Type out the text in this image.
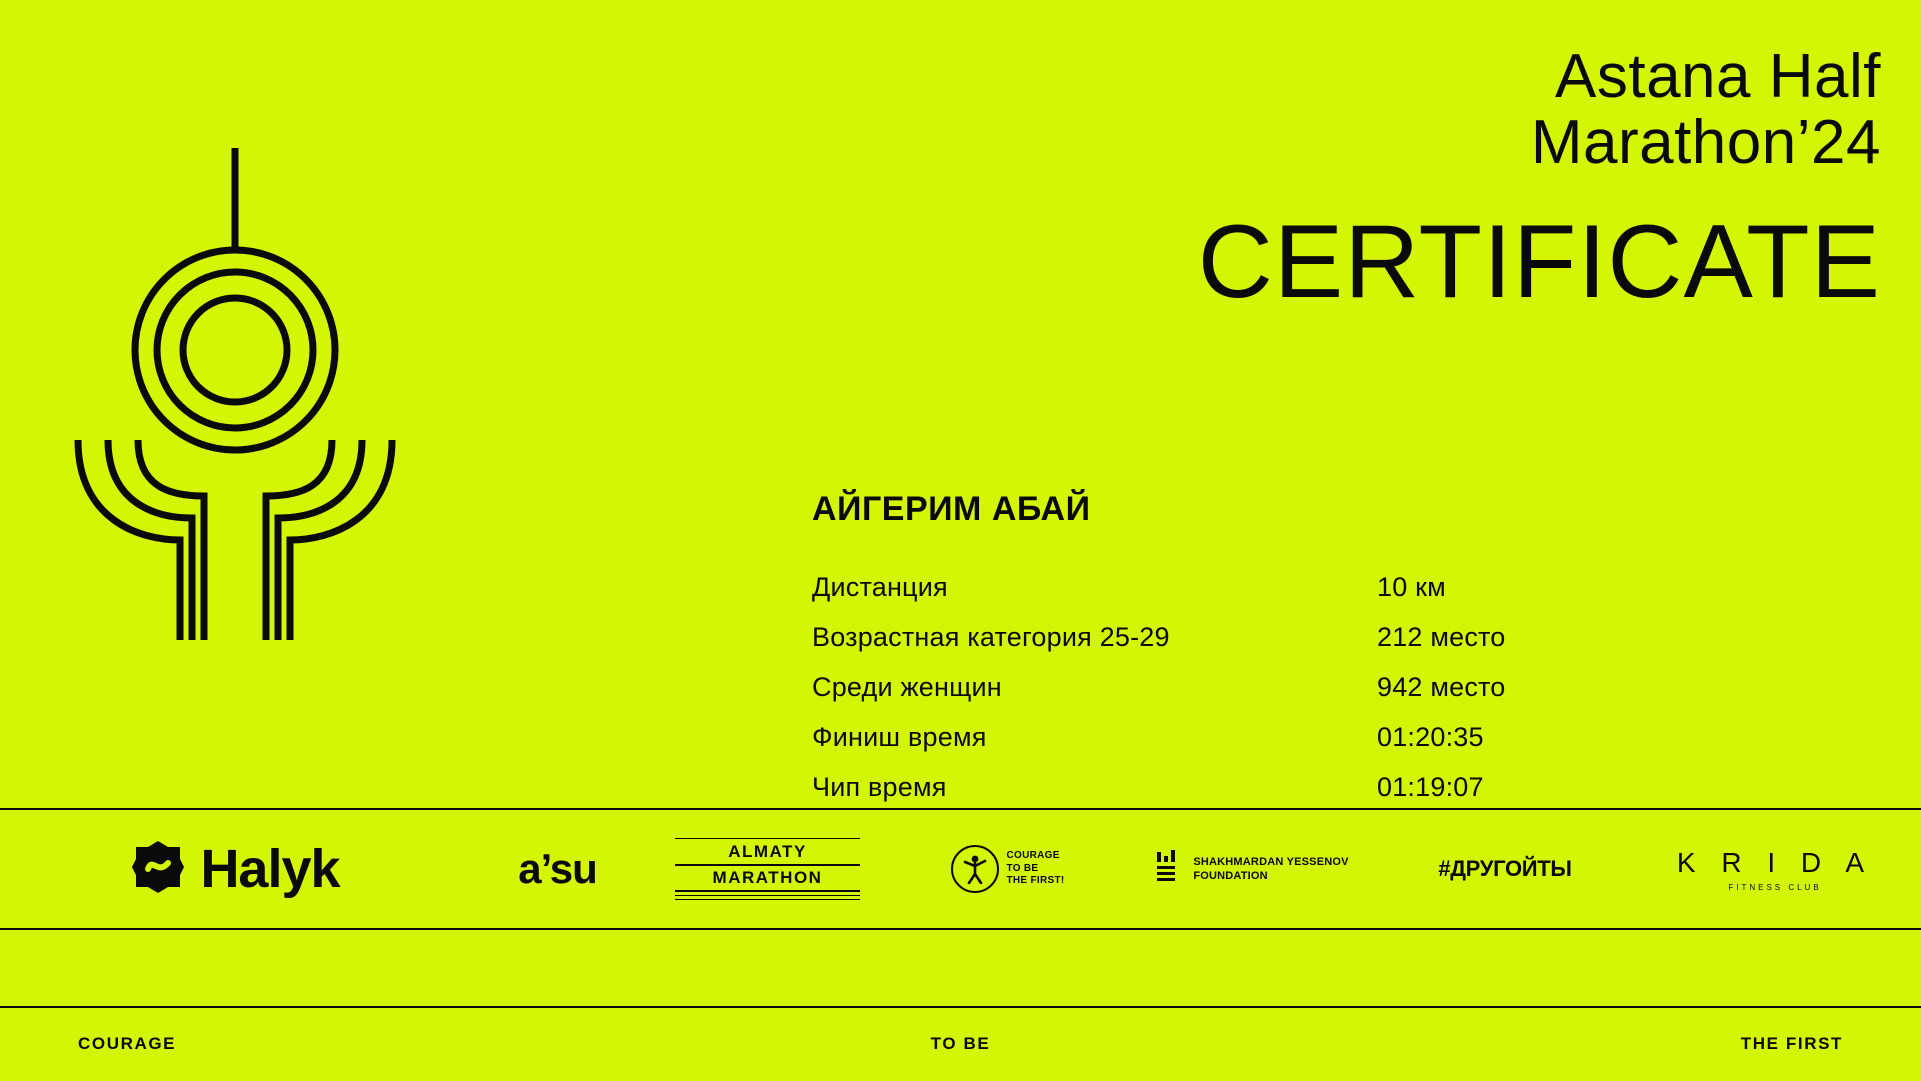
Astana Half
Marathon’24
CERTIFICATE
АЙГЕРИМ АБАЙ
Дистанция	10 км
Возрастная категория 25-29	212 место
Среди женщин	942 место
Финиш время	01:20:35
Чип время	01:19:07
Halyk	a’su	ALMATY
MARATHON
COURAGE
TO BE
THE FIRST!
SHAKHMARDAN YESSENOV
FOUNDATION	#ДРУГОЙТЫ	K R I D A
FITNESS CLUB
COURAGE	TO BE	THE FIRST
